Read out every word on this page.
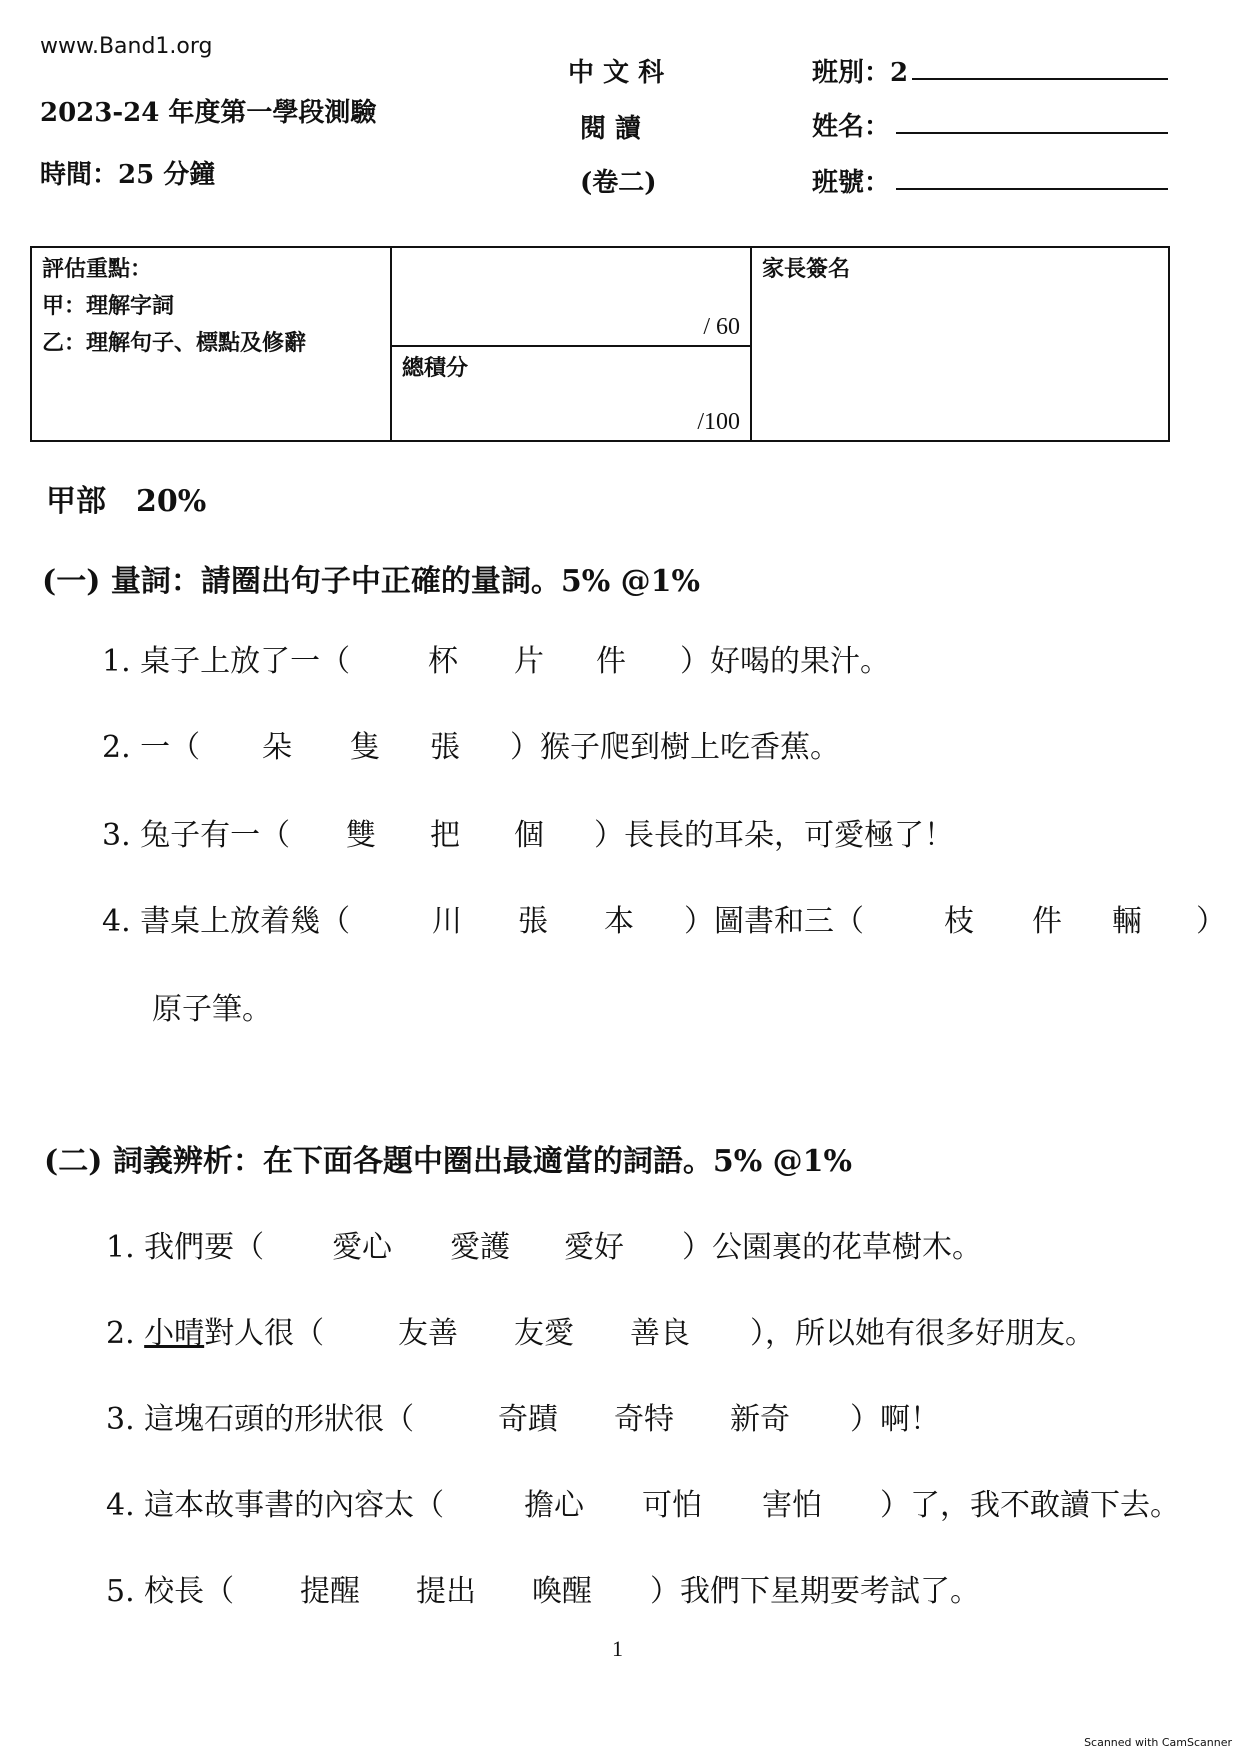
www.Band1.org
2023-24 年度第一學段測驗
時間：25 分鐘
中 文 科
閱 讀
(卷二)
班別：2
姓名：
班號：
評估重點：
甲：理解字詞
乙：理解句子、標點及修辭

/ 60

家長簽名

總積分
/100
甲部　20%
(一) 量詞：請圈出句子中正確的量詞。5% @1%
1. 桌子上放了一（	杯 片 件 ）好喝的果汁。
2. 一（ 朵 隻 張 ）猴子爬到樹上吃香蕉。
3. 兔子有一（ 雙 把 個 ）長長的耳朵，可愛極了！
4. 書桌上放着幾（	川 張 本 ）圖書和三（	枝 件 輛 ）
原子筆。
(二) 詞義辨析：在下面各題中圈出最適當的詞語。5% @1%
1. 我們要（ 愛心 愛護 愛好 ）公園裏的花草樹木。
2. 小晴對人很（ 友善 友愛 善良 ），所以她有很多好朋友。
3. 這塊石頭的形狀很（	奇蹟 奇特 新奇 ）啊！
4. 這本故事書的內容太（	擔心 可怕 害怕 ）了，我不敢讀下去。
5. 校長（ 提醒 提出 喚醒 ）我們下星期要考試了。
1
Scanned with CamScanner
